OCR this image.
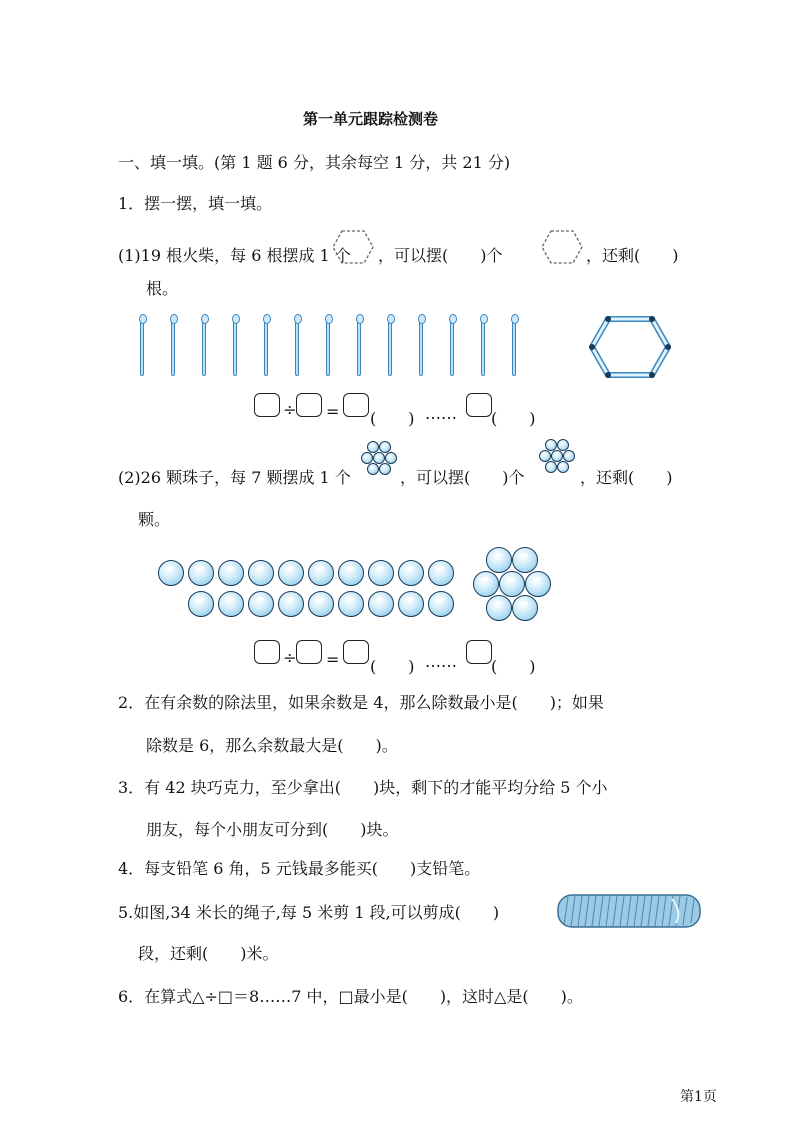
第一单元跟踪检测卷
一、填一填。(第 1 题 6 分，其余每空 1 分，共 21 分)
1．摆一摆，填一填。
(1)19 根火柴，每 6 根摆成 1 个 ，可以摆(　　)个	，还剩(　　)
根。
÷ = (　　) …… (　　)
(2)26 颗珠子，每 7 颗摆成 1 个	，可以摆(　　)个	，还剩(　　)
颗。
÷ = (　　) …… (　　)
2．在有余数的除法里，如果余数是 4，那么除数最小是(　　)；如果
除数是 6，那么余数最大是(　　)。
3．有 42 块巧克力，至少拿出(　　)块，剩下的才能平均分给 5 个小
朋友，每个小朋友可分到(　　)块。
4．每支铅笔 6 角，5 元钱最多能买(　　)支铅笔。
5.如图,34 米长的绳子,每 5 米剪 1 段,可以剪成(　　)
段，还剩(　　)米。
6．在算式△÷□＝8……7 中，□最小是(　　)，这时△是(　　)。
第1页
